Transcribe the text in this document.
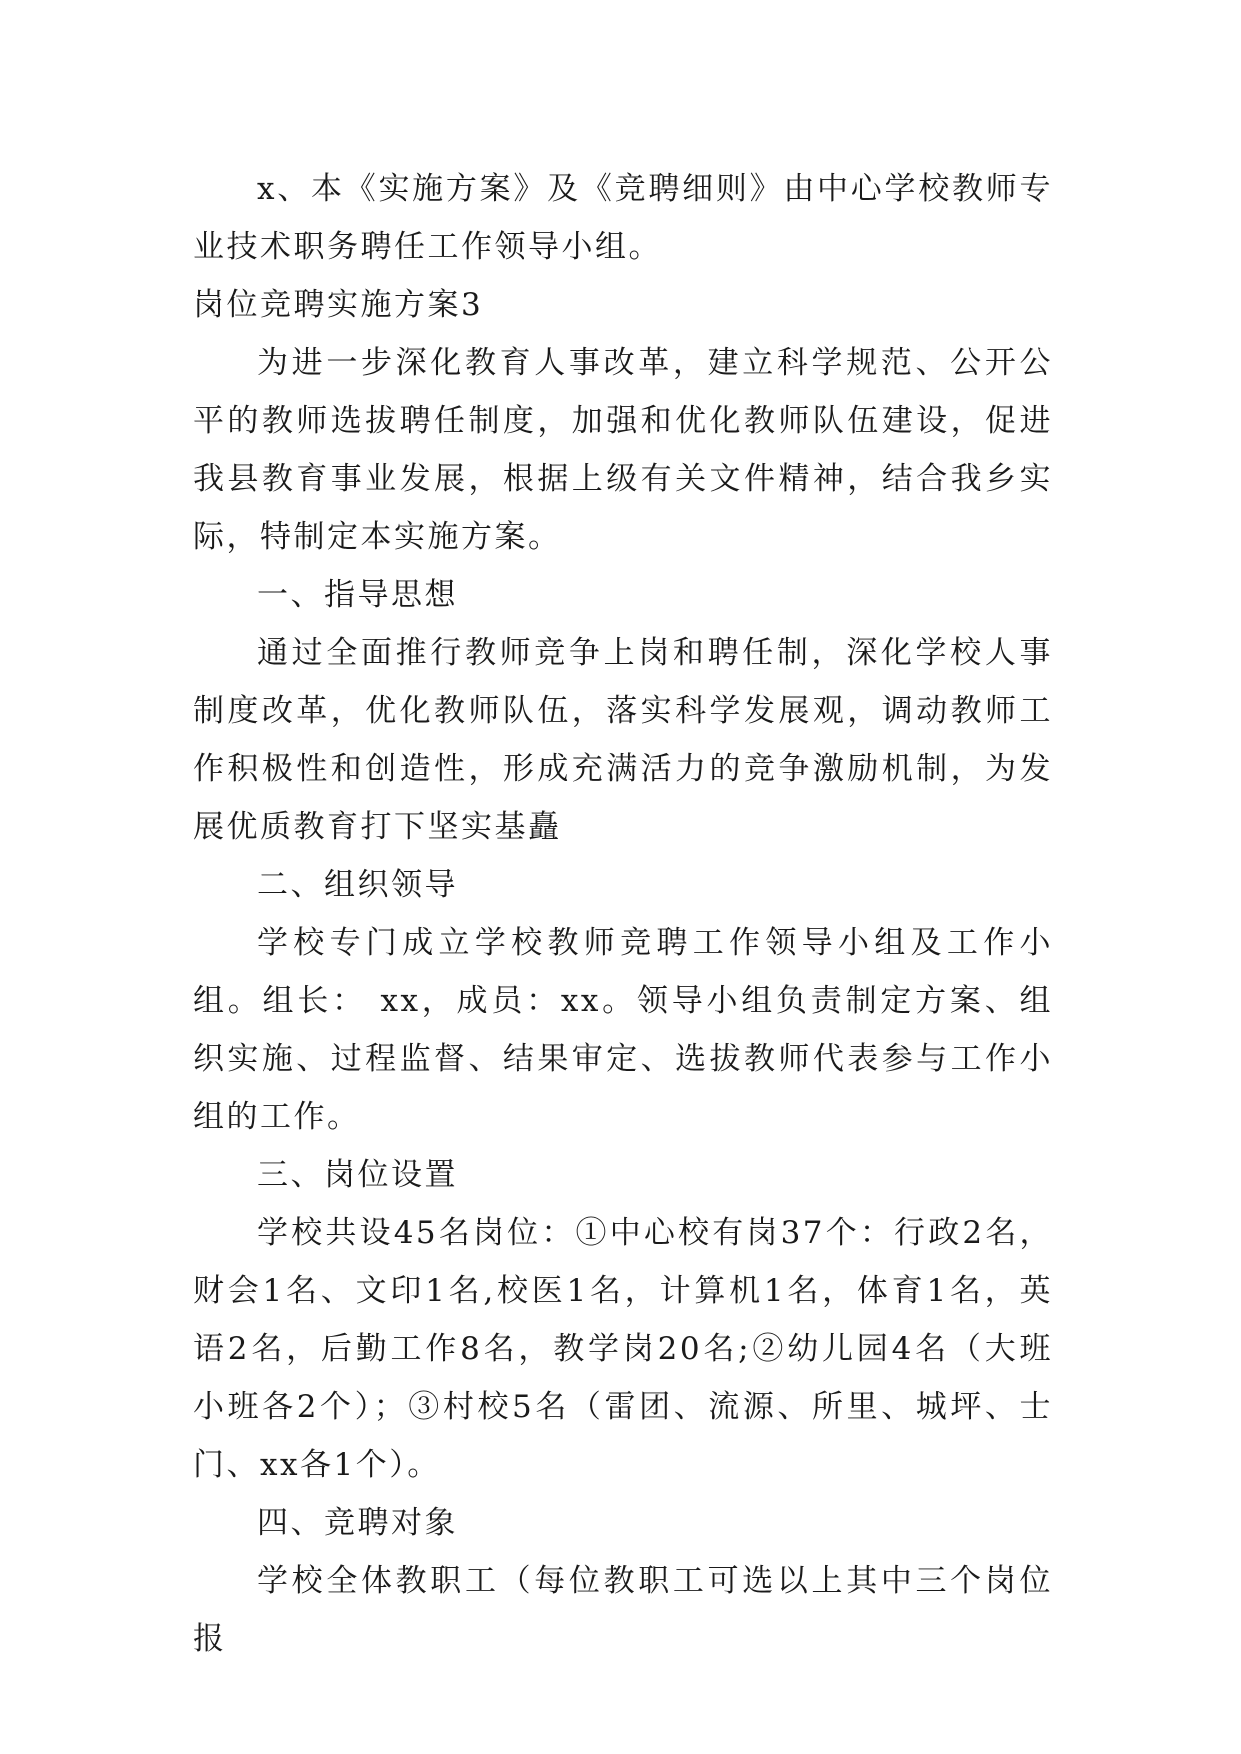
x、本《实施方案》及《竞聘细则》由中心学校教师专业技术职务聘任工作领导小组。

岗位竞聘实施方案3

为进一步深化教育人事改革，建立科学规范、公开公平的教师选拔聘任制度，加强和优化教师队伍建设，促进我县教育事业发展，根据上级有关文件精神，结合我乡实际，特制定本实施方案。

一、指导思想

通过全面推行教师竞争上岗和聘任制，深化学校人事制度改革，优化教师队伍，落实科学发展观，调动教师工作积极性和创造性，形成充满活力的竞争激励机制，为发展优质教育打下坚实基矗

二、组织领导

学校专门成立学校教师竞聘工作领导小组及工作小组。组长： xx，成员：xx。领导小组负责制定方案、组织实施、过程监督、结果审定、选拔教师代表参与工作小组的工作。

三、岗位设置

学校共设45名岗位：①中心校有岗37个：行政2名，财会1名、文印1名,校医1名，计算机1名，体育1名，英语2名，后勤工作8名，教学岗20名;②幼儿园4名（大班小班各2个）；③村校5名（雷团、流源、所里、城坪、士门、xx各1个）。

四、竞聘对象

学校全体教职工（每位教职工可选以上其中三个岗位报
